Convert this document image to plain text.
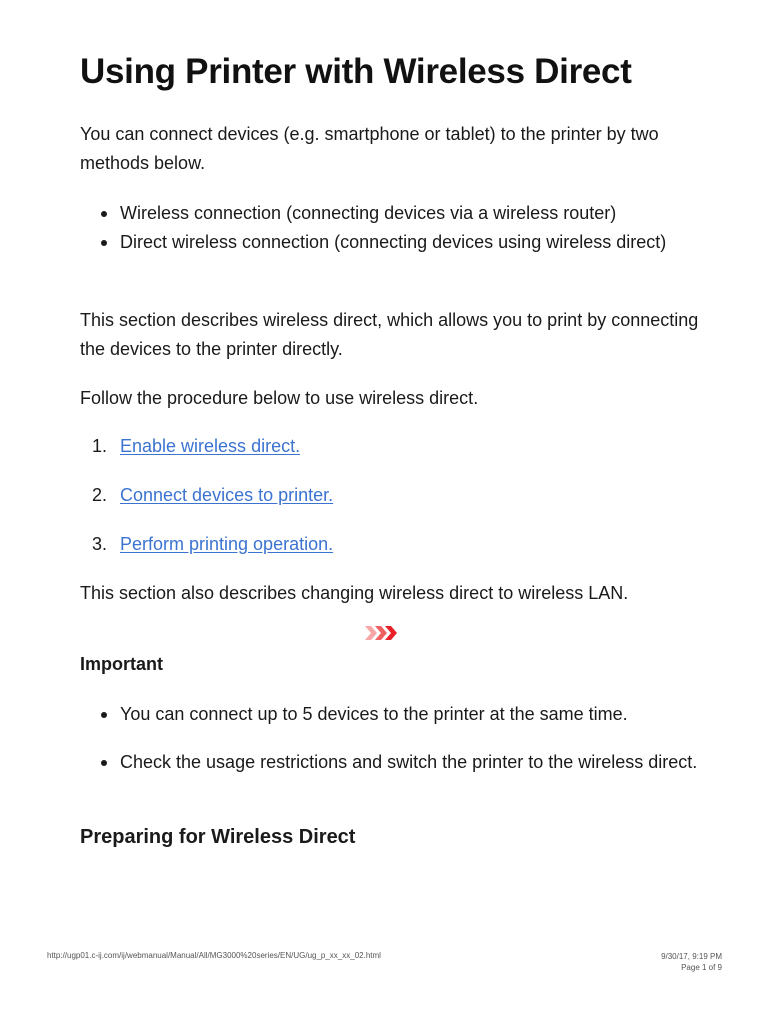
Using Printer with Wireless Direct

You can connect devices (e.g. smartphone or tablet) to the printer by two methods below.

Wireless connection (connecting devices via a wireless router)
Direct wireless connection (connecting devices using wireless direct)

This section describes wireless direct, which allows you to print by connecting the devices to the printer directly.

Follow the procedure below to use wireless direct.

1. Enable wireless direct.
2. Connect devices to printer.
3. Perform printing operation.

This section also describes changing wireless direct to wireless LAN.

Important
You can connect up to 5 devices to the printer at the same time.
Check the usage restrictions and switch the printer to the wireless direct.
Preparing for Wireless Direct
http://ugp01.c-ij.com/ij/webmanual/Manual/All/MG3000%20series/EN/UG/ug_p_xx_xx_02.html	9/30/17, 9:19 PM
Page 1 of 9
